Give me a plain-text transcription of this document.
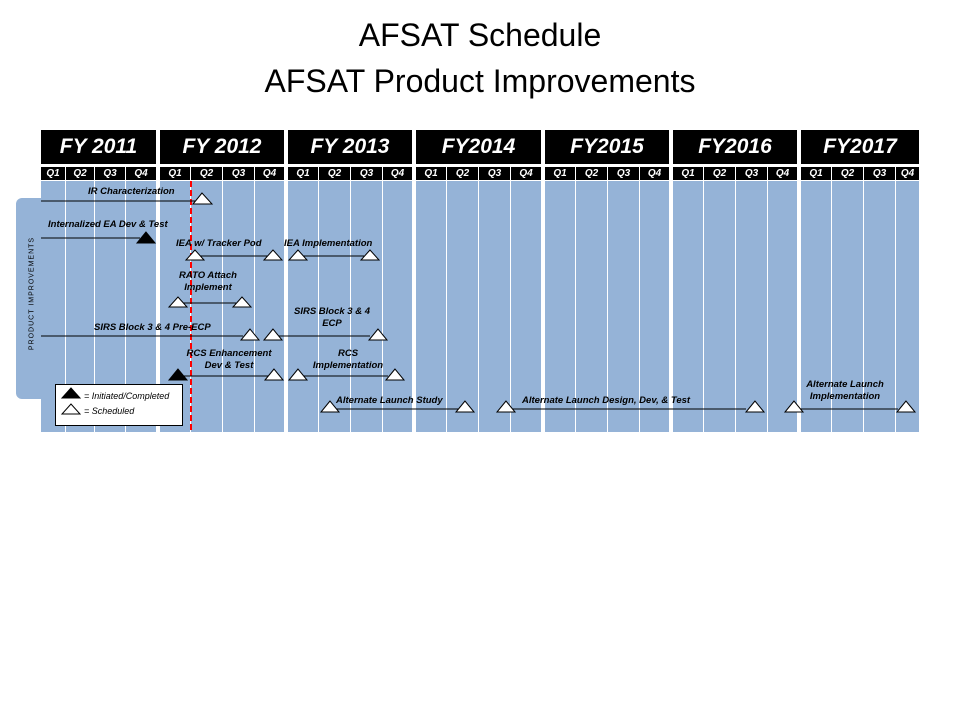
AFSAT Schedule
AFSAT Product Improvements
FY 2011	FY 2012	FY 2013	FY2014	FY2015	FY2016	FY2017
Q1	Q2	Q3	Q4	Q1	Q2	Q3	Q4	Q1	Q2	Q3	Q4	Q1	Q2	Q3	Q4	Q1	Q2	Q3	Q4	Q1	Q2	Q3	Q4	Q1	Q2	Q3	Q4
PRODUCT IMPROVEMENTS
IR Characterization
Internalized EA Dev & Test
IEA w/ Tracker Pod IEA Implementation
RATO Attach Implement
SIRS Block 3 & 4 Pre-ECP
SIRS Block 3 & 4 ECP
RCS Enhancement Dev & Test
RCS Implementation
Alternate Launch Study	Alternate Launch Design, Dev, & Test
Alternate Launch Implementation
= Initiated/Completed
= Scheduled
